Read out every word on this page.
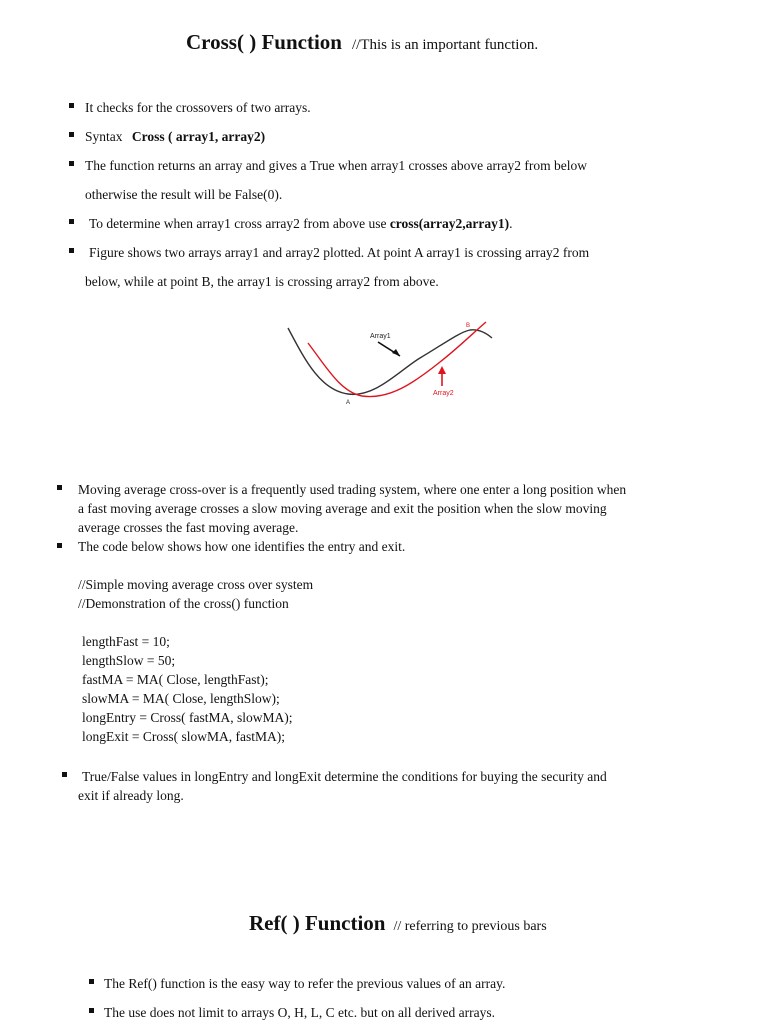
Cross( ) Function //This is an important function.
It checks for the crossovers of two arrays.
Syntax Cross ( array1, array2)
The function returns an array and gives a True when array1 crosses above array2 from below
otherwise the result will be False(0).
To determine when array1 cross array2 from above use cross(array2,array1).
Figure shows two arrays array1 and array2 plotted. At point A array1 is crossing array2 from
below, while at point B, the array1 is crossing array2 from above.
Array1
Array2
A
B
Moving average cross-over is a frequently used trading system, where one enter a long position when
a fast moving average crosses a slow moving average and exit the position when the slow moving
average crosses the fast moving average.
The code below shows how one identifies the entry and exit.
//Simple moving average cross over system
//Demonstration of the cross() function
lengthFast = 10;
lengthSlow = 50;
fastMA = MA( Close, lengthFast);
slowMA = MA( Close, lengthSlow);
longEntry = Cross( fastMA, slowMA);
longExit = Cross( slowMA, fastMA);
True/False values in longEntry and longExit determine the conditions for buying the security and
exit if already long.
Ref( ) Function // referring to previous bars
The Ref() function is the easy way to refer the previous values of an array.
The use does not limit to arrays O, H, L, C etc. but on all derived arrays.
